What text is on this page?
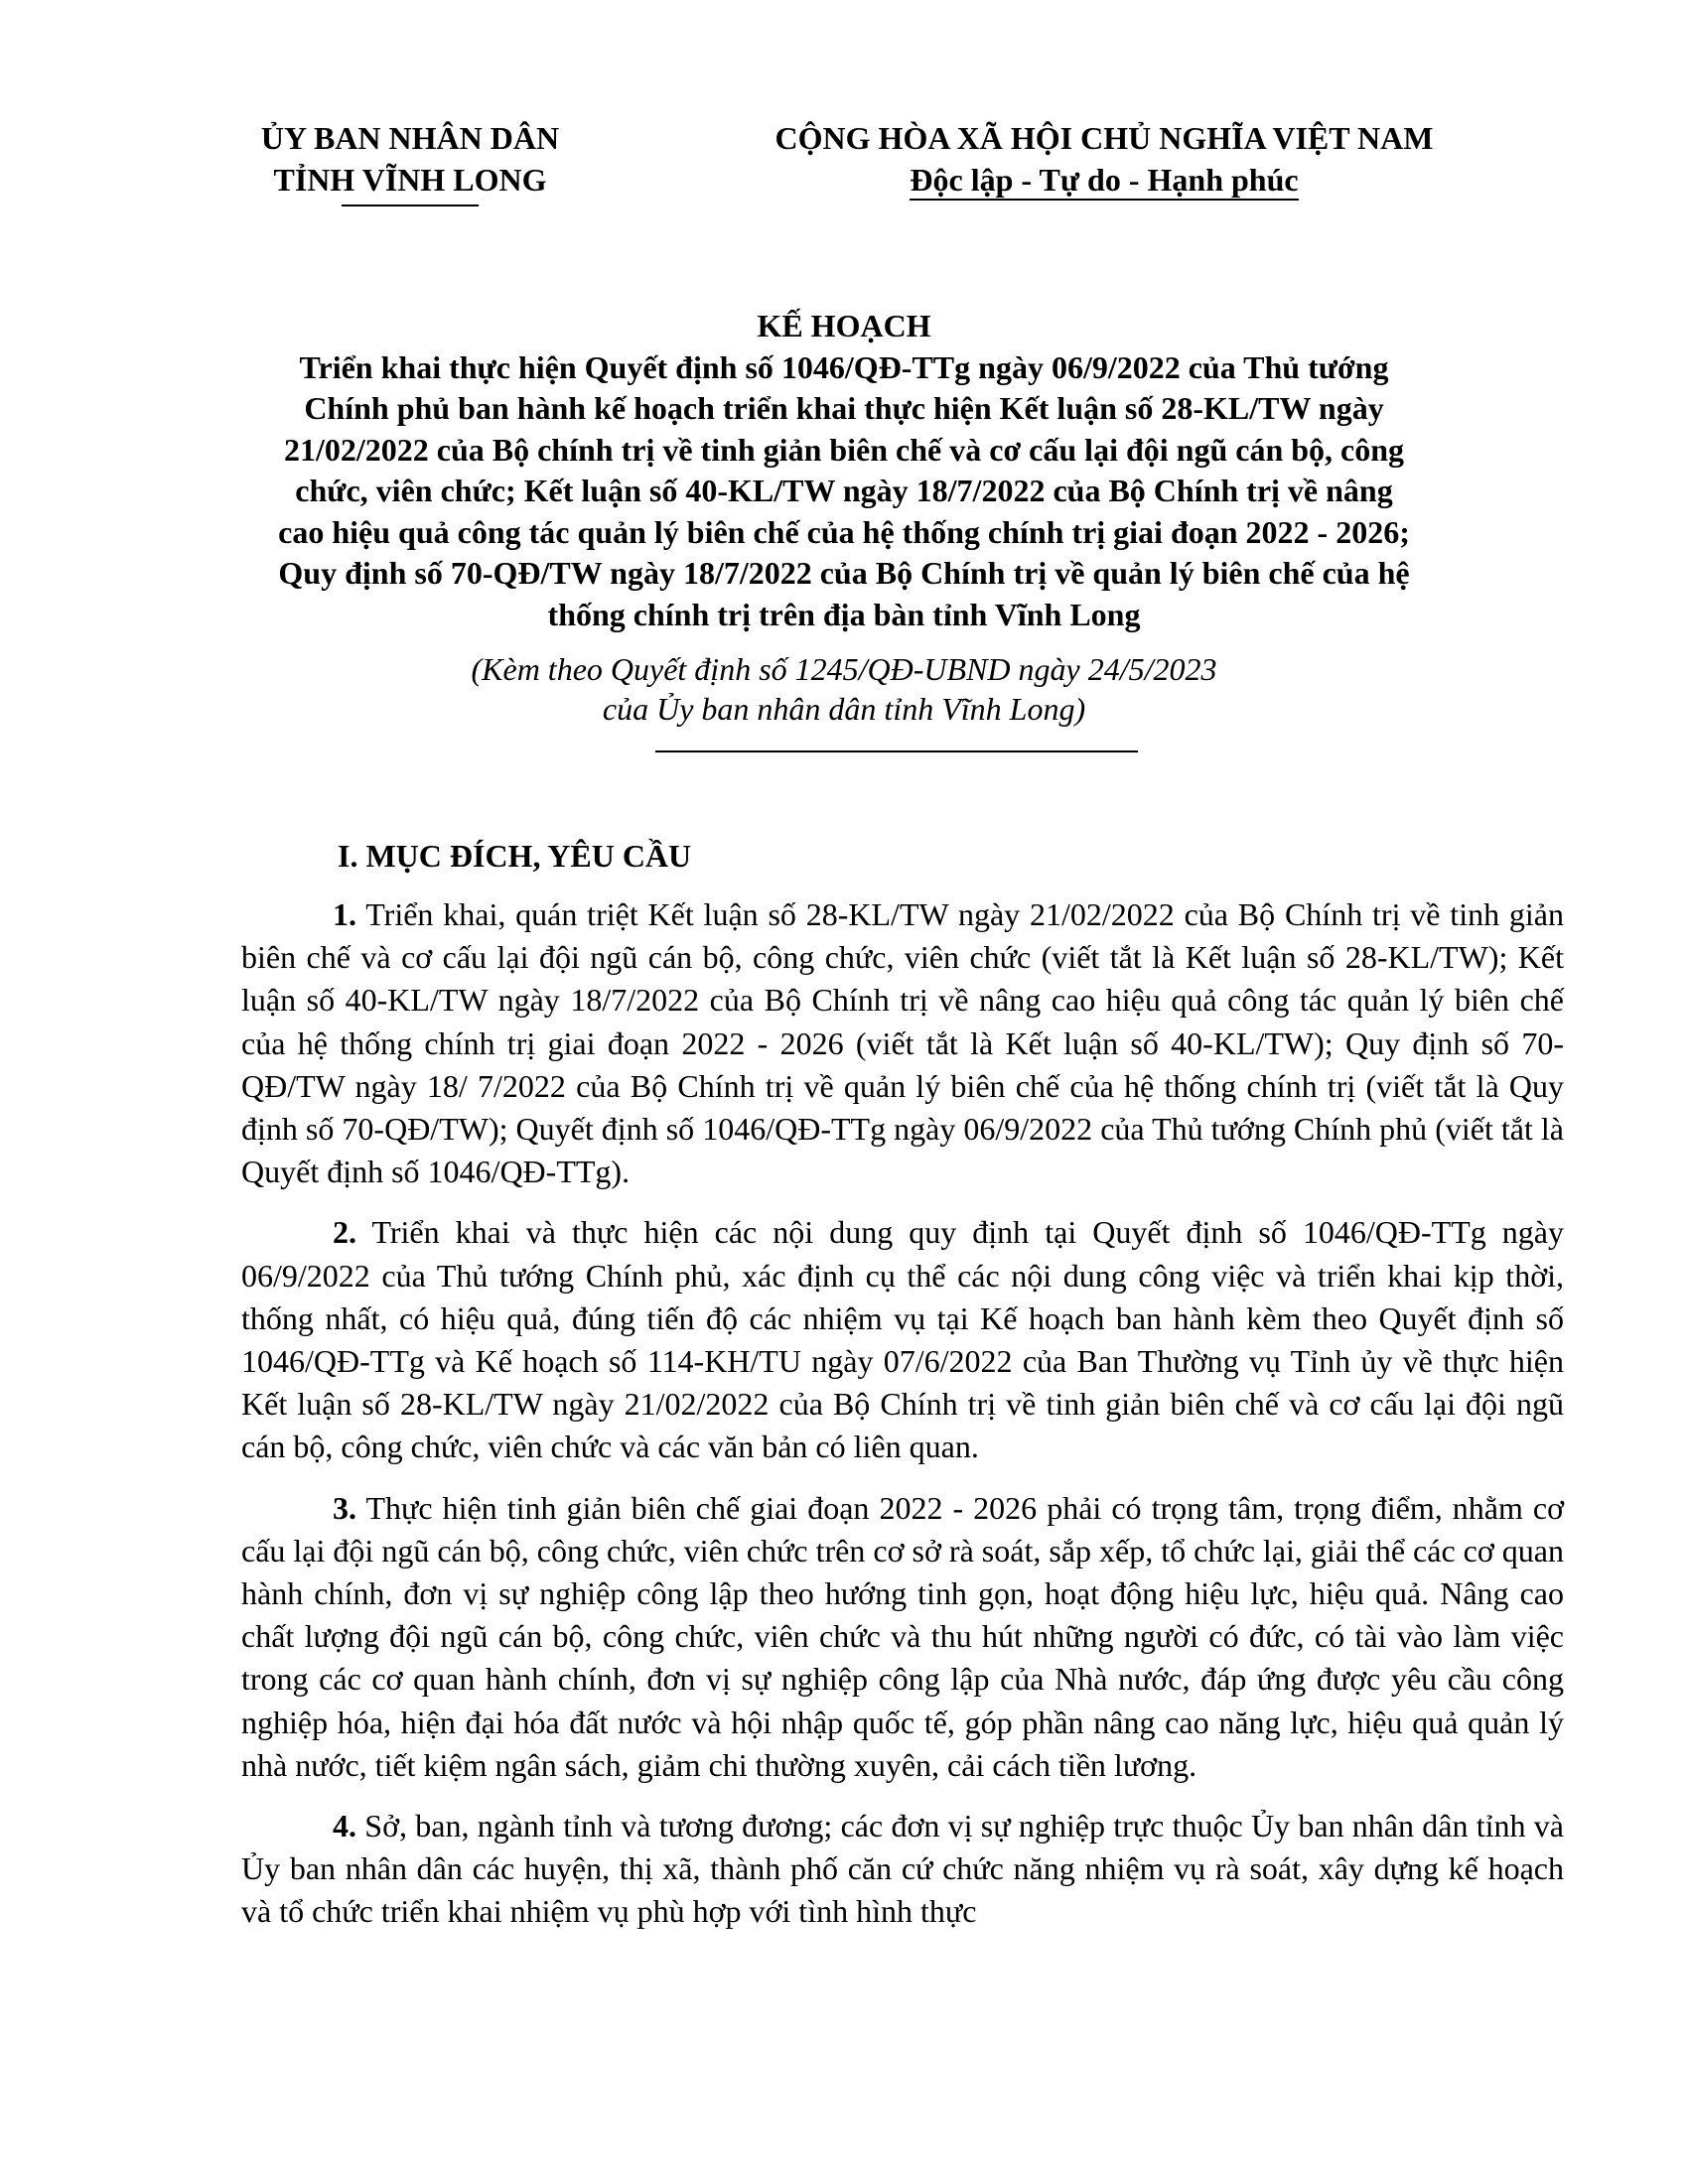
ỦY BAN NHÂN DÂN
TỈNH VĨNH LONG
CỘNG HÒA XÃ HỘI CHỦ NGHĨA VIỆT NAM
Độc lập - Tự do - Hạnh phúc
KẾ HOẠCH
Triển khai thực hiện Quyết định số 1046/QĐ-TTg ngày 06/9/2022 của Thủ tướng
Chính phủ ban hành kế hoạch triển khai thực hiện Kết luận số 28-KL/TW ngày
21/02/2022 của Bộ chính trị về tinh giản biên chế và cơ cấu lại đội ngũ cán bộ, công
chức, viên chức; Kết luận số 40-KL/TW ngày 18/7/2022 của Bộ Chính trị về nâng
cao hiệu quả công tác quản lý biên chế của hệ thống chính trị giai đoạn 2022 - 2026;
Quy định số 70-QĐ/TW ngày 18/7/2022 của Bộ Chính trị về quản lý biên chế của hệ
thống chính trị trên địa bàn tỉnh Vĩnh Long
(Kèm theo Quyết định số 1245/QĐ-UBND ngày 24/5/2023
của Ủy ban nhân dân tỉnh Vĩnh Long)
I. MỤC ĐÍCH, YÊU CẦU

1. Triển khai, quán triệt Kết luận số 28-KL/TW ngày 21/02/2022 của Bộ Chính trị về tinh giản biên chế và cơ cấu lại đội ngũ cán bộ, công chức, viên chức (viết tắt là Kết luận số 28-KL/TW); Kết luận số 40-KL/TW ngày 18/7/2022 của Bộ Chính trị về nâng cao hiệu quả công tác quản lý biên chế của hệ thống chính trị giai đoạn 2022 - 2026 (viết tắt là Kết luận số 40-KL/TW); Quy định số 70-QĐ/TW ngày 18/ 7/2022 của Bộ Chính trị về quản lý biên chế của hệ thống chính trị (viết tắt là Quy định số 70-QĐ/TW); Quyết định số 1046/QĐ-TTg ngày 06/9/2022 của Thủ tướng Chính phủ (viết tắt là Quyết định số 1046/QĐ-TTg).

2. Triển khai và thực hiện các nội dung quy định tại Quyết định số 1046/QĐ-TTg ngày 06/9/2022 của Thủ tướng Chính phủ, xác định cụ thể các nội dung công việc và triển khai kịp thời, thống nhất, có hiệu quả, đúng tiến độ các nhiệm vụ tại Kế hoạch ban hành kèm theo Quyết định số 1046/QĐ-TTg và Kế hoạch số 114-KH/TU ngày 07/6/2022 của Ban Thường vụ Tỉnh ủy về thực hiện Kết luận số 28-KL/TW ngày 21/02/2022 của Bộ Chính trị về tinh giản biên chế và cơ cấu lại đội ngũ cán bộ, công chức, viên chức và các văn bản có liên quan.

3. Thực hiện tinh giản biên chế giai đoạn 2022 - 2026 phải có trọng tâm, trọng điểm, nhằm cơ cấu lại đội ngũ cán bộ, công chức, viên chức trên cơ sở rà soát, sắp xếp, tổ chức lại, giải thể các cơ quan hành chính, đơn vị sự nghiệp công lập theo hướng tinh gọn, hoạt động hiệu lực, hiệu quả. Nâng cao chất lượng đội ngũ cán bộ, công chức, viên chức và thu hút những người có đức, có tài vào làm việc trong các cơ quan hành chính, đơn vị sự nghiệp công lập của Nhà nước, đáp ứng được yêu cầu công nghiệp hóa, hiện đại hóa đất nước và hội nhập quốc tế, góp phần nâng cao năng lực, hiệu quả quản lý nhà nước, tiết kiệm ngân sách, giảm chi thường xuyên, cải cách tiền lương.

4. Sở, ban, ngành tỉnh và tương đương; các đơn vị sự nghiệp trực thuộc Ủy ban nhân dân tỉnh và Ủy ban nhân dân các huyện, thị xã, thành phố căn cứ chức năng nhiệm vụ rà soát, xây dựng kế hoạch và tổ chức triển khai nhiệm vụ phù hợp với tình hình thực
